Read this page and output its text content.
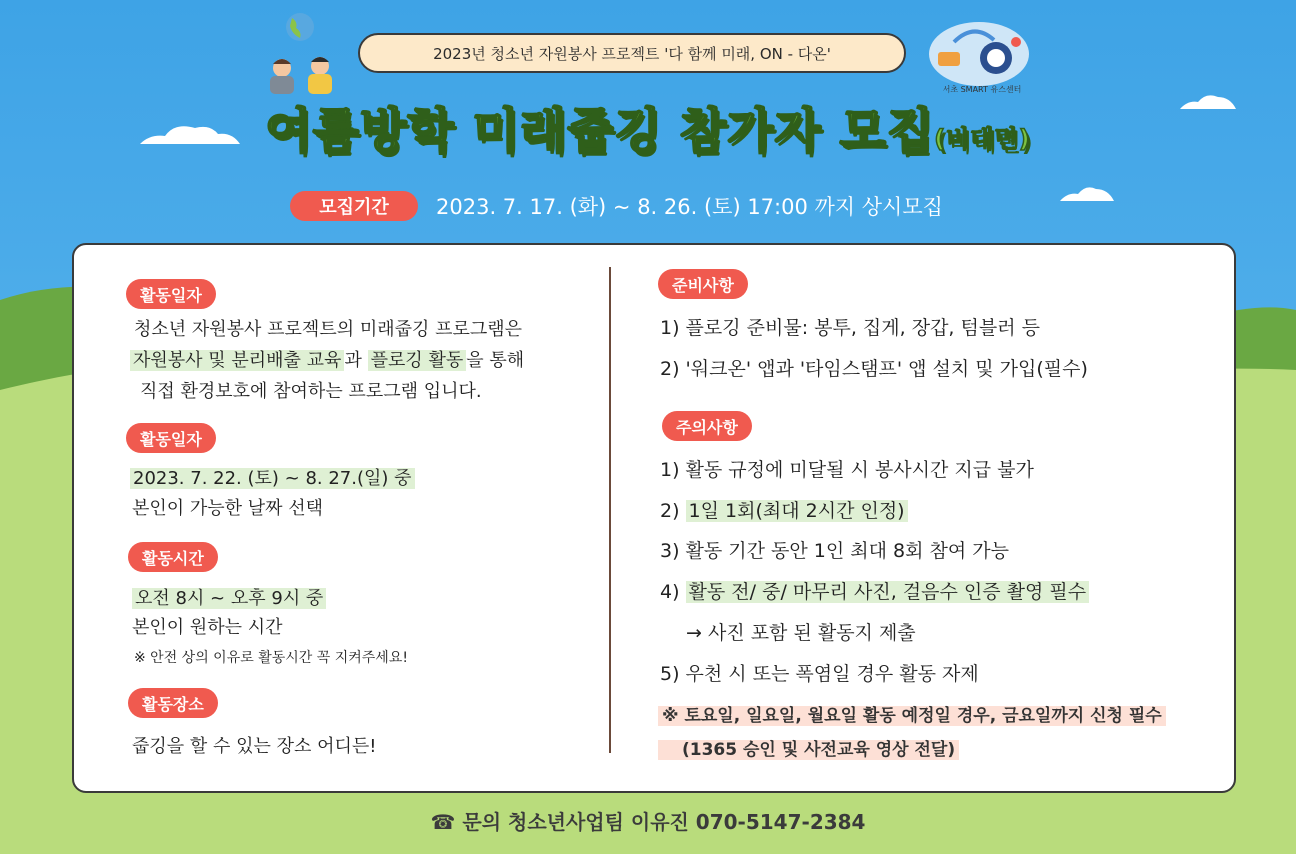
2023년 청소년 자원봉사 프로젝트 '다 함께 미래, ON - 다온'
서초 SMART 유스센터
여름방학 미래줍깅 참가자 모집(비대면)
모집기간	2023. 7. 17. (화) ~ 8. 26. (토) 17:00 까지 상시모집
활동일자
청소년 자원봉사 프로젝트의 미래줍깅 프로그램은
자원봉사 및 분리배출 교육 과 플로깅 활동 을 통해
직접 환경보호에 참여하는 프로그램 입니다.
활동일자
2023. 7. 22. (토) ~ 8. 27.(일) 중
본인이 가능한 날짜 선택
활동시간
오전 8시 ~ 오후 9시 중
본인이 원하는 시간
※ 안전 상의 이유로 활동시간 꼭 지켜주세요!
활동장소
줍깅을 할 수 있는 장소 어디든!
준비사항
1) 플로깅 준비물: 봉투, 집게, 장갑, 텀블러 등
2) '워크온' 앱과 '타임스탬프' 앱 설치 및 가입(필수)
주의사항
1) 활동 규정에 미달될 시 봉사시간 지급 불가
2) 1일 1회(최대 2시간 인정)
3) 활동 기간 동안 1인 최대 8회 참여 가능
4) 활동 전/ 중/ 마무리 사진, 걸음수 인증 촬영 필수
→ 사진 포함 된 활동지 제출
5) 우천 시 또는 폭염일 경우 활동 자제
※ 토요일, 일요일, 월요일 활동 예정일 경우, 금요일까지 신청 필수
(1365 승인 및 사전교육 영상 전달)
☎ 문의 청소년사업팀 이유진 070-5147-2384
